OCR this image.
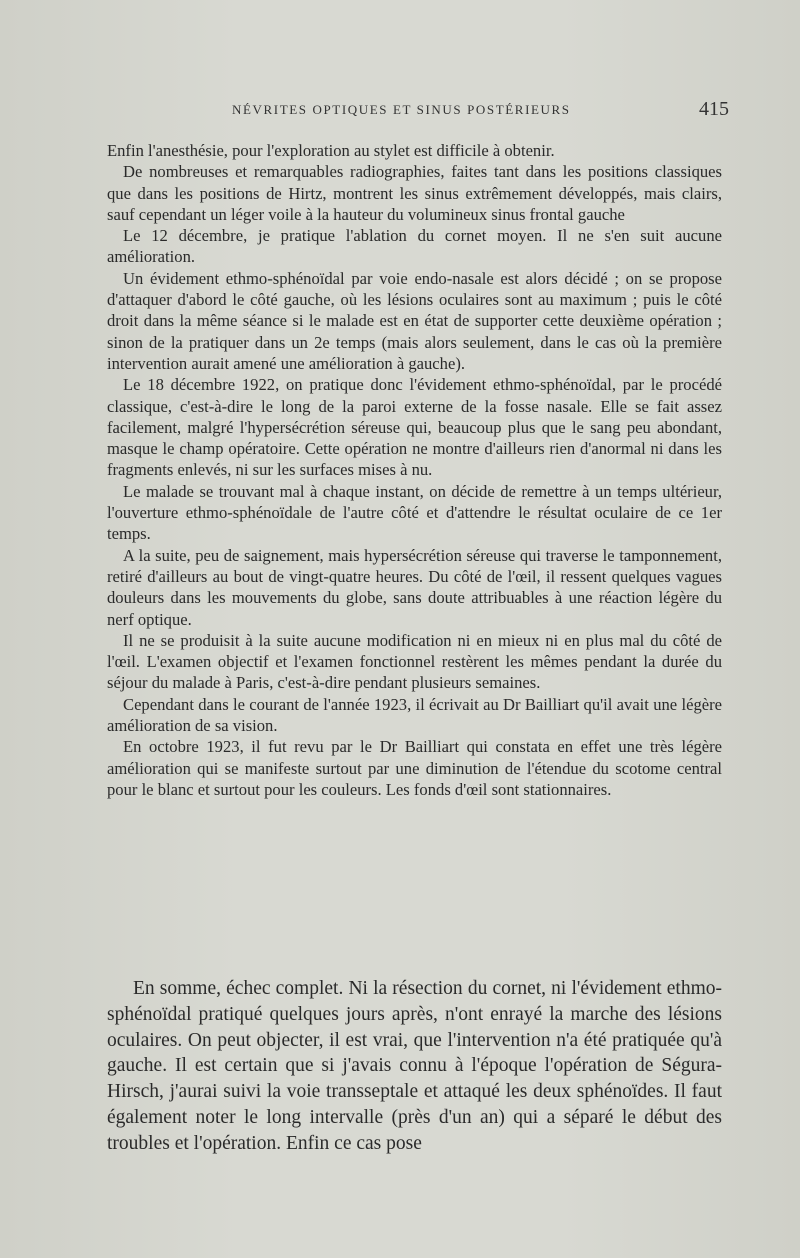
NÉVRITES OPTIQUES ET SINUS POSTÉRIEURS	415

Enfin l'anesthésie, pour l'exploration au stylet est difficile à obtenir.

De nombreuses et remarquables radiographies, faites tant dans les positions classiques que dans les positions de Hirtz, montrent les sinus extrêmement développés, mais clairs, sauf cependant un léger voile à la hauteur du volumineux sinus frontal gauche

Le 12 décembre, je pratique l'ablation du cornet moyen. Il ne s'en suit aucune amélioration.

Un évidement ethmo-sphénoïdal par voie endo-nasale est alors décidé ; on se propose d'attaquer d'abord le côté gauche, où les lésions oculaires sont au maximum ; puis le côté droit dans la même séance si le malade est en état de supporter cette deuxième opération ; sinon de la pratiquer dans un 2e temps (mais alors seulement, dans le cas où la première intervention aurait amené une amélioration à gauche).

Le 18 décembre 1922, on pratique donc l'évidement ethmo-sphénoïdal, par le procédé classique, c'est-à-dire le long de la paroi externe de la fosse nasale. Elle se fait assez facilement, malgré l'hypersécrétion séreuse qui, beaucoup plus que le sang peu abondant, masque le champ opératoire. Cette opération ne montre d'ailleurs rien d'anormal ni dans les fragments enlevés, ni sur les surfaces mises à nu.

Le malade se trouvant mal à chaque instant, on décide de remettre à un temps ultérieur, l'ouverture ethmo-sphénoïdale de l'autre côté et d'attendre le résultat oculaire de ce 1er temps.

A la suite, peu de saignement, mais hypersécrétion séreuse qui traverse le tamponnement, retiré d'ailleurs au bout de vingt-quatre heures. Du côté de l'œil, il ressent quelques vagues douleurs dans les mouvements du globe, sans doute attribuables à une réaction légère du nerf optique.

Il ne se produisit à la suite aucune modification ni en mieux ni en plus mal du côté de l'œil. L'examen objectif et l'examen fonctionnel restèrent les mêmes pendant la durée du séjour du malade à Paris, c'est-à-dire pendant plusieurs semaines.

Cependant dans le courant de l'année 1923, il écrivait au Dr Bailliart qu'il avait une légère amélioration de sa vision.

En octobre 1923, il fut revu par le Dr Bailliart qui constata en effet une très légère amélioration qui se manifeste surtout par une diminution de l'étendue du scotome central pour le blanc et surtout pour les couleurs. Les fonds d'œil sont stationnaires.

En somme, échec complet. Ni la résection du cornet, ni l'évidement ethmo-sphénoïdal pratiqué quelques jours après, n'ont enrayé la marche des lésions oculaires. On peut objecter, il est vrai, que l'intervention n'a été pratiquée qu'à gauche. Il est certain que si j'avais connu à l'époque l'opération de Ségura-Hirsch, j'aurai suivi la voie transseptale et attaqué les deux sphénoïdes. Il faut également noter le long intervalle (près d'un an) qui a séparé le début des troubles et l'opération. Enfin ce cas pose
